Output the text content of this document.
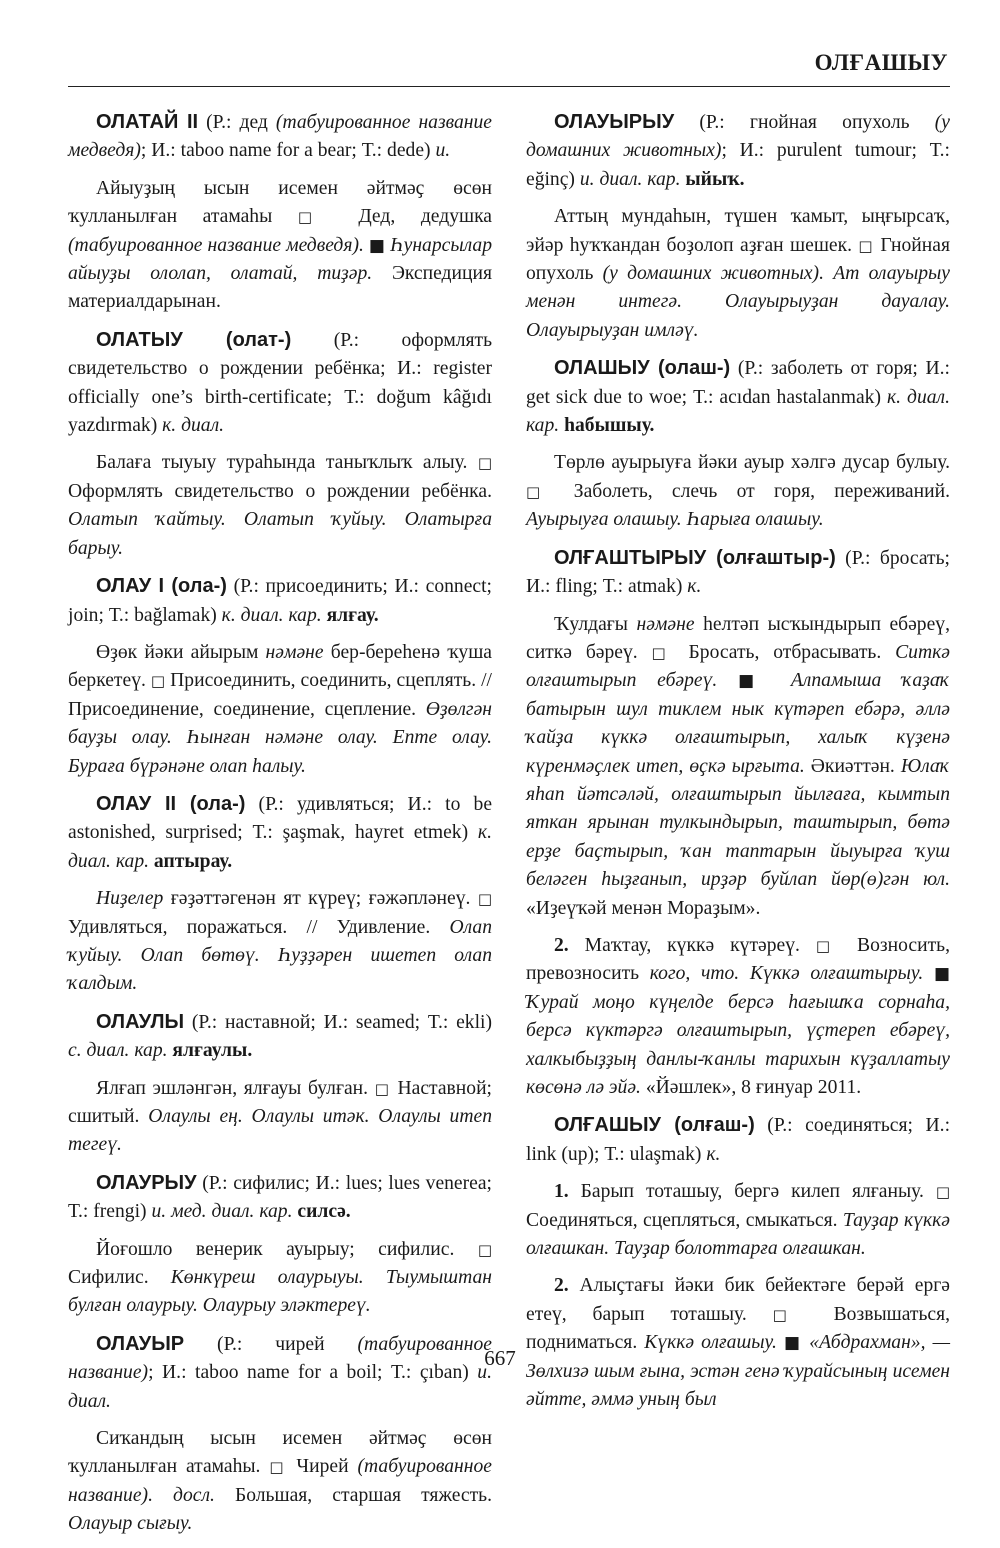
ОЛҒАШЫУ

ОЛАТАЙ II (Р.: дед (табуированное название медведя); И.: taboo name for a bear; Т.: dede) и.

Айыуҙың ысын исемен әйтмәҫ өсөн ҡулланылған атамаһы □ Дед, дедушка (табуированное название медведя). ■ Һунарсылар айыуҙы ололап, олатай, тиҙәр. Экспедиция материалдарынан.

ОЛАТЫУ (олат-) (Р.: оформлять свидетельство о рождении ребёнка; И.: register officially one’s birth-certificate; Т.: doğum kâğıdı yazdırmak) к. диал.

Балаға тыуыу тураһында таныҡлыҡ алыу. □ Оформлять свидетельство о рождении ребёнка. Олатып ҡайтыу. Олатып ҡуйыу. Олатырға барыу.

ОЛАУ I (ола-) (Р.: присоединить; И.: connect; join; Т.: bağlamak) к. диал. кар. ялғау.

Өҙөк йәки айырым нәмәне бер-береһенә ҡуша беркетеү. □ Присоединить, соединить, сцеплять. // Присоединение, соединение, сцепление. Өҙөлгән бауҙы олау. Һынған нәмәне олау. Епте олау. Бураға бүрәнәне олап һалыу.

ОЛАУ II (ола-) (Р.: удивляться; И.: to be astonished, surprised; Т.: şaşmak, hayret etmek) к. диал. кар. аптырау.

Ниҙелер ғәҙәттәгенән ят күреү; ғәжәпләнеү. □ Удивляться, поражаться. // Удивление. Олап ҡуйыу. Олап бөтөү. Һуҙҙәрен ишетеп олап ҡалдым.

ОЛАУЛЫ (Р.: наставной; И.: seamed; Т.: ekli) с. диал. кар. ялғаулы.

Ялғап эшләнгән, ялғауы булған. □ Наставной; сшитый. Олаулы ең. Олаулы итәк. Олаулы итеп тегеү.

ОЛАУРЫУ (Р.: сифилис; И.: lues; lues venerea; Т.: frengi) и. мед. диал. кар. силсә.

Йоғошло венерик ауырыу; сифилис. □ Сифилис. Көнкүреш олаурыуы. Тыумыштан булған олаурыу. Олаурыу эләктереү.

ОЛАУЫР (Р.: чирей (табуированное название); И.: taboo name for a boil; Т.: çıban) и. диал.

Сиҡандың ысын исемен әйтмәҫ өсөн ҡулланылған атамаһы. □ Чирей (табуированное название). досл. Большая, старшая тяжесть. Олауыр сығыу.

ОЛАУЫРЫУ (Р.: гнойная опухоль (у домашних животных); И.: purulent tumour; Т.: eğinç) и. диал. кар. ыйыҡ.

Аттың мундаһын, түшен ҡамыт, ыңғырсаҡ, эйәр һуҡҡандан боҙолоп аҙған шешек. □ Гнойная опухоль (у домашних животных). Ат олауырыу менән интегә. Олауырыуҙан дауалау. Олауырыуҙан имләү.

ОЛАШЫУ (олаш-) (Р.: заболеть от горя; И.: get sick due to woe; Т.: acıdan hastalanmak) к. диал. кар. һабышыу.

Төрлө ауырыуға йәки ауыр хәлгә дусар булыу. □ Заболеть, слечь от горя, переживаний. Ауырыуға олашыу. Һарыға олашыу.

ОЛҒАШТЫРЫУ (олғаштыр-) (Р.: бросать; И.: fling; Т.: atmak) к.

Ҡулдағы нәмәне һелтәп ысҡындырып ебәреү, ситкә бәреү. □ Бросать, отбрасывать. Ситкә олғаштырып ебәреү. ■ Алпамыша ҡаҙаҡ батырын шул тиклем нык күтәреп ебәрә, әллә ҡайҙа күккә олғаштырып, халыҡ күҙенә күренмәҫлек итеп, өҫкә ырғыта. Әкиәттән. Юлаҡ яһап йәтсәләй, олғаштырып йылғаға, кымтып яткан ярынан тулкындырып, таштырып, бөтә ерҙе баҫтырып, ҡан таптарын йыуырға ҡуш беләген һыҙғанып, ирҙәр буйлап йөр(ө)гән юл. «Иҙеүҡәй менән Мораҙым».

2. Маҡтау, күккә күтәреү. □ Возносить, превозносить кого, что. Күккә олғаштырыу. ■ Ҡурай моңо күңелде берсә һағышҡа сорнаһа, берсә күктәргә олғаштырып, үҫтереп ебәреү, халкыбыҙҙың данлы-ҡанлы тарихын күҙаллатыу көсөнә лә эйә. «Йәшлек», 8 ғинуар 2011.

ОЛҒАШЫУ (олғаш-) (Р.: соединяться; И.: link (up); Т.: ulaşmak) к.

1. Барып тоташыу, бергә килеп ялғаныу. □ Соединяться, сцепляться, смыкаться. Тауҙар күккә олғашкан. Тауҙар болоттарға олғашкан.

2. Алыҫтағы йәки бик бейектәге берәй ергә етеү, барып тоташыу. □ Возвышаться, подниматься. Күккә олғашыу. ■ «Абдрахман», — Зөлхизә шым ғына, эстән генә ҡурайсының исемен әйтте, әммә уның был

667
